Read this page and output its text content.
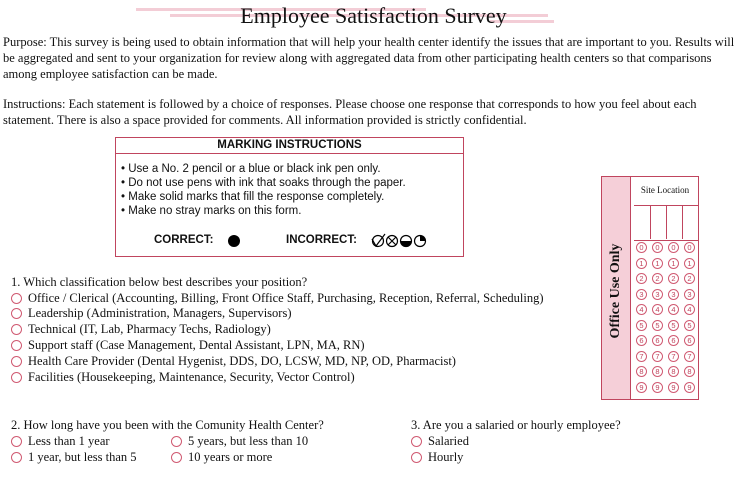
Employee Satisfaction Survey
Purpose: This survey is being used to obtain information that will help your health center identify the issues that are important to you. Results will be aggregated and sent to your organization for review along with aggregated data from other participating health centers so that comparisons among employee satisfaction can be made.
Instructions: Each statement is followed by a choice of responses. Please choose one response that corresponds to how you feel about each statement. There is also a space provided for comments. All information provided is strictly confidential.
MARKING INSTRUCTIONS
• Use a No. 2 pencil or a blue or black ink pen only.
• Do not use pens with ink that soaks through the paper.
• Make solid marks that fill the response completely.
• Make no stray marks on this form.
CORRECT:	INCORRECT:
1. Which classification below best describes your position?
Office / Clerical (Accounting, Billing, Front Office Staff, Purchasing, Reception, Referral, Scheduling)
Leadership (Administration, Managers, Supervisors)
Technical (IT, Lab, Pharmacy Techs, Radiology)
Support staff (Case Management, Dental Assistant, LPN, MA, RN)
Health Care Provider (Dental Hygenist, DDS, DO, LCSW, MD, NP, OD, Pharmacist)
Facilities (Housekeeping, Maintenance, Security, Vector Control)
2. How long have you been with the Comunity Health Center?
Less than 1 year
1 year, but less than 5
5 years, but less than 10
10 years or more
3. Are you a salaried or hourly employee?
Salaried
Hourly
Office Use Only
Site Location
0	0	0	0
1	1	1	1
2	2	2	2
3	3	3	3
4	4	4	4
5	5	5	5
6	6	6	6
7	7	7	7
8	8	8	8
9	9	9	9
